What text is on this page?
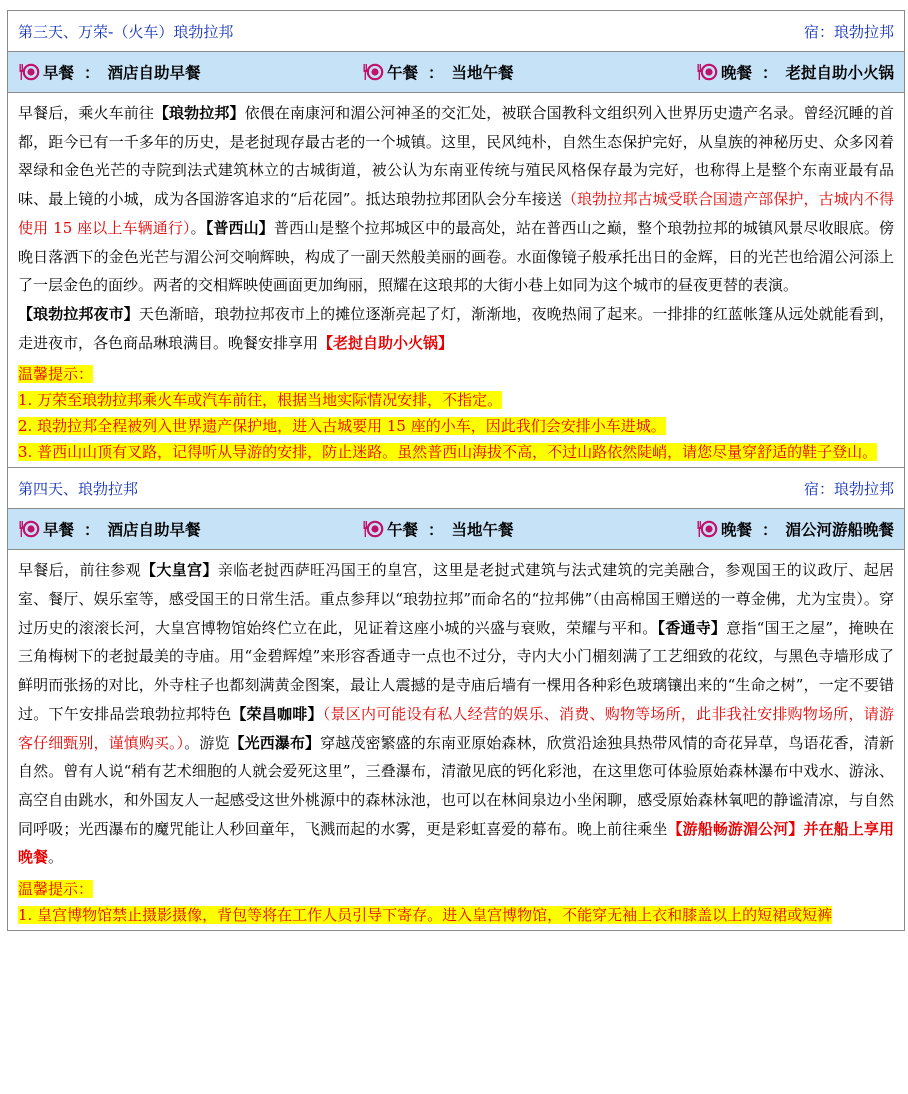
第三天、万荣-（火车）琅勃拉邦	宿：琅勃拉邦
早餐 ： 酒店自助早餐	午餐 ： 当地午餐	晚餐 ： 老挝自助小火锅

早餐后，乘火车前往【琅勃拉邦】依偎在南康河和湄公河神圣的交汇处，被联合国教科文组织列入世界历史遗产名录。曾经沉睡的首都，距今已有一千多年的历史，是老挝现存最古老的一个城镇。这里，民风纯朴，自然生态保护完好，从皇族的神秘历史、众多冈着翠绿和金色光芒的寺院到法式建筑林立的古城街道，被公认为东南亚传统与殖民风格保存最为完好，也称得上是整个东南亚最有品味、最上镜的小城，成为各国游客追求的“后花园”。抵达琅勃拉邦团队会分车接送（琅勃拉邦古城受联合国遗产部保护，古城内不得使用 15 座以上车辆通行）。【普西山】普西山是整个拉邦城区中的最高处，站在普西山之巅，整个琅勃拉邦的城镇风景尽收眼底。傍晚日落洒下的金色光芒与湄公河交响辉映，构成了一副天然般美丽的画卷。水面像镜子般承托出日的金辉，日的光芒也给湄公河添上了一层金色的面纱。两者的交相辉映使画面更加绚丽，照耀在这琅邦的大街小巷上如同为这个城市的昼夜更替的表演。

【琅勃拉邦夜市】天色渐暗，琅勃拉邦夜市上的摊位逐渐亮起了灯，渐渐地，夜晚热闹了起来。一排排的红蓝帐篷从远处就能看到，走进夜市，各色商品琳琅满目。晚餐安排享用【老挝自助小火锅】

温馨提示：
1. 万荣至琅勃拉邦乘火车或汽车前往，根据当地实际情况安排，不指定。
2. 琅勃拉邦全程被列入世界遗产保护地，进入古城要用 15 座的小车，因此我们会安排小车进城。
3. 普西山山顶有叉路，记得听从导游的安排，防止迷路。虽然普西山海拔不高，不过山路依然陡峭，请您尽量穿舒适的鞋子登山。
第四天、琅勃拉邦	宿：琅勃拉邦
早餐 ： 酒店自助早餐	午餐 ： 当地午餐	晚餐 ： 湄公河游船晚餐

早餐后，前往参观【大皇宫】亲临老挝西萨旺冯国王的皇宫，这里是老挝式建筑与法式建筑的完美融合，参观国王的议政厅、起居室、餐厅、娱乐室等，感受国王的日常生活。重点参拜以“琅勃拉邦”而命名的“拉邦佛”（由高棉国王赠送的一尊金佛，尤为宝贵）。穿过历史的滚滚长河，大皇宫博物馆始终伫立在此，见证着这座小城的兴盛与衰败，荣耀与平和。【香通寺】意指“国王之屋”，掩映在三角梅树下的老挝最美的寺庙。用“金碧辉煌”来形容香通寺一点也不过分，寺内大小门楣刻满了工艺细致的花纹，与黑色寺墙形成了鲜明而张扬的对比，外寺柱子也都刻满黄金图案，最让人震撼的是寺庙后墙有一棵用各种彩色玻璃镶出来的“生命之树”，一定不要错过。下午安排品尝琅勃拉邦特色【荣昌咖啡】（景区内可能设有私人经营的娱乐、消费、购物等场所，此非我社安排购物场所，请游客仔细甄别，谨慎购买。）。游览【光西瀑布】穿越茂密繁盛的东南亚原始森林，欣赏沿途独具热带风情的奇花异草，鸟语花香，清新自然。曾有人说“稍有艺术细胞的人就会爱死这里”，三叠瀑布，清澈见底的钙化彩池，在这里您可体验原始森林瀑布中戏水、游泳、高空自由跳水，和外国友人一起感受这世外桃源中的森林泳池，也可以在林间泉边小坐闲聊，感受原始森林氧吧的静谧清凉，与自然同呼吸；光西瀑布的魔咒能让人秒回童年，飞溅而起的水雾，更是彩虹喜爱的幕布。晚上前往乘坐【游船畅游湄公河】并在船上享用晚餐。

温馨提示：
1. 皇宫博物馆禁止摄影摄像，背包等将在工作人员引导下寄存。进入皇宫博物馆，不能穿无袖上衣和膝盖以上的短裙或短裤
